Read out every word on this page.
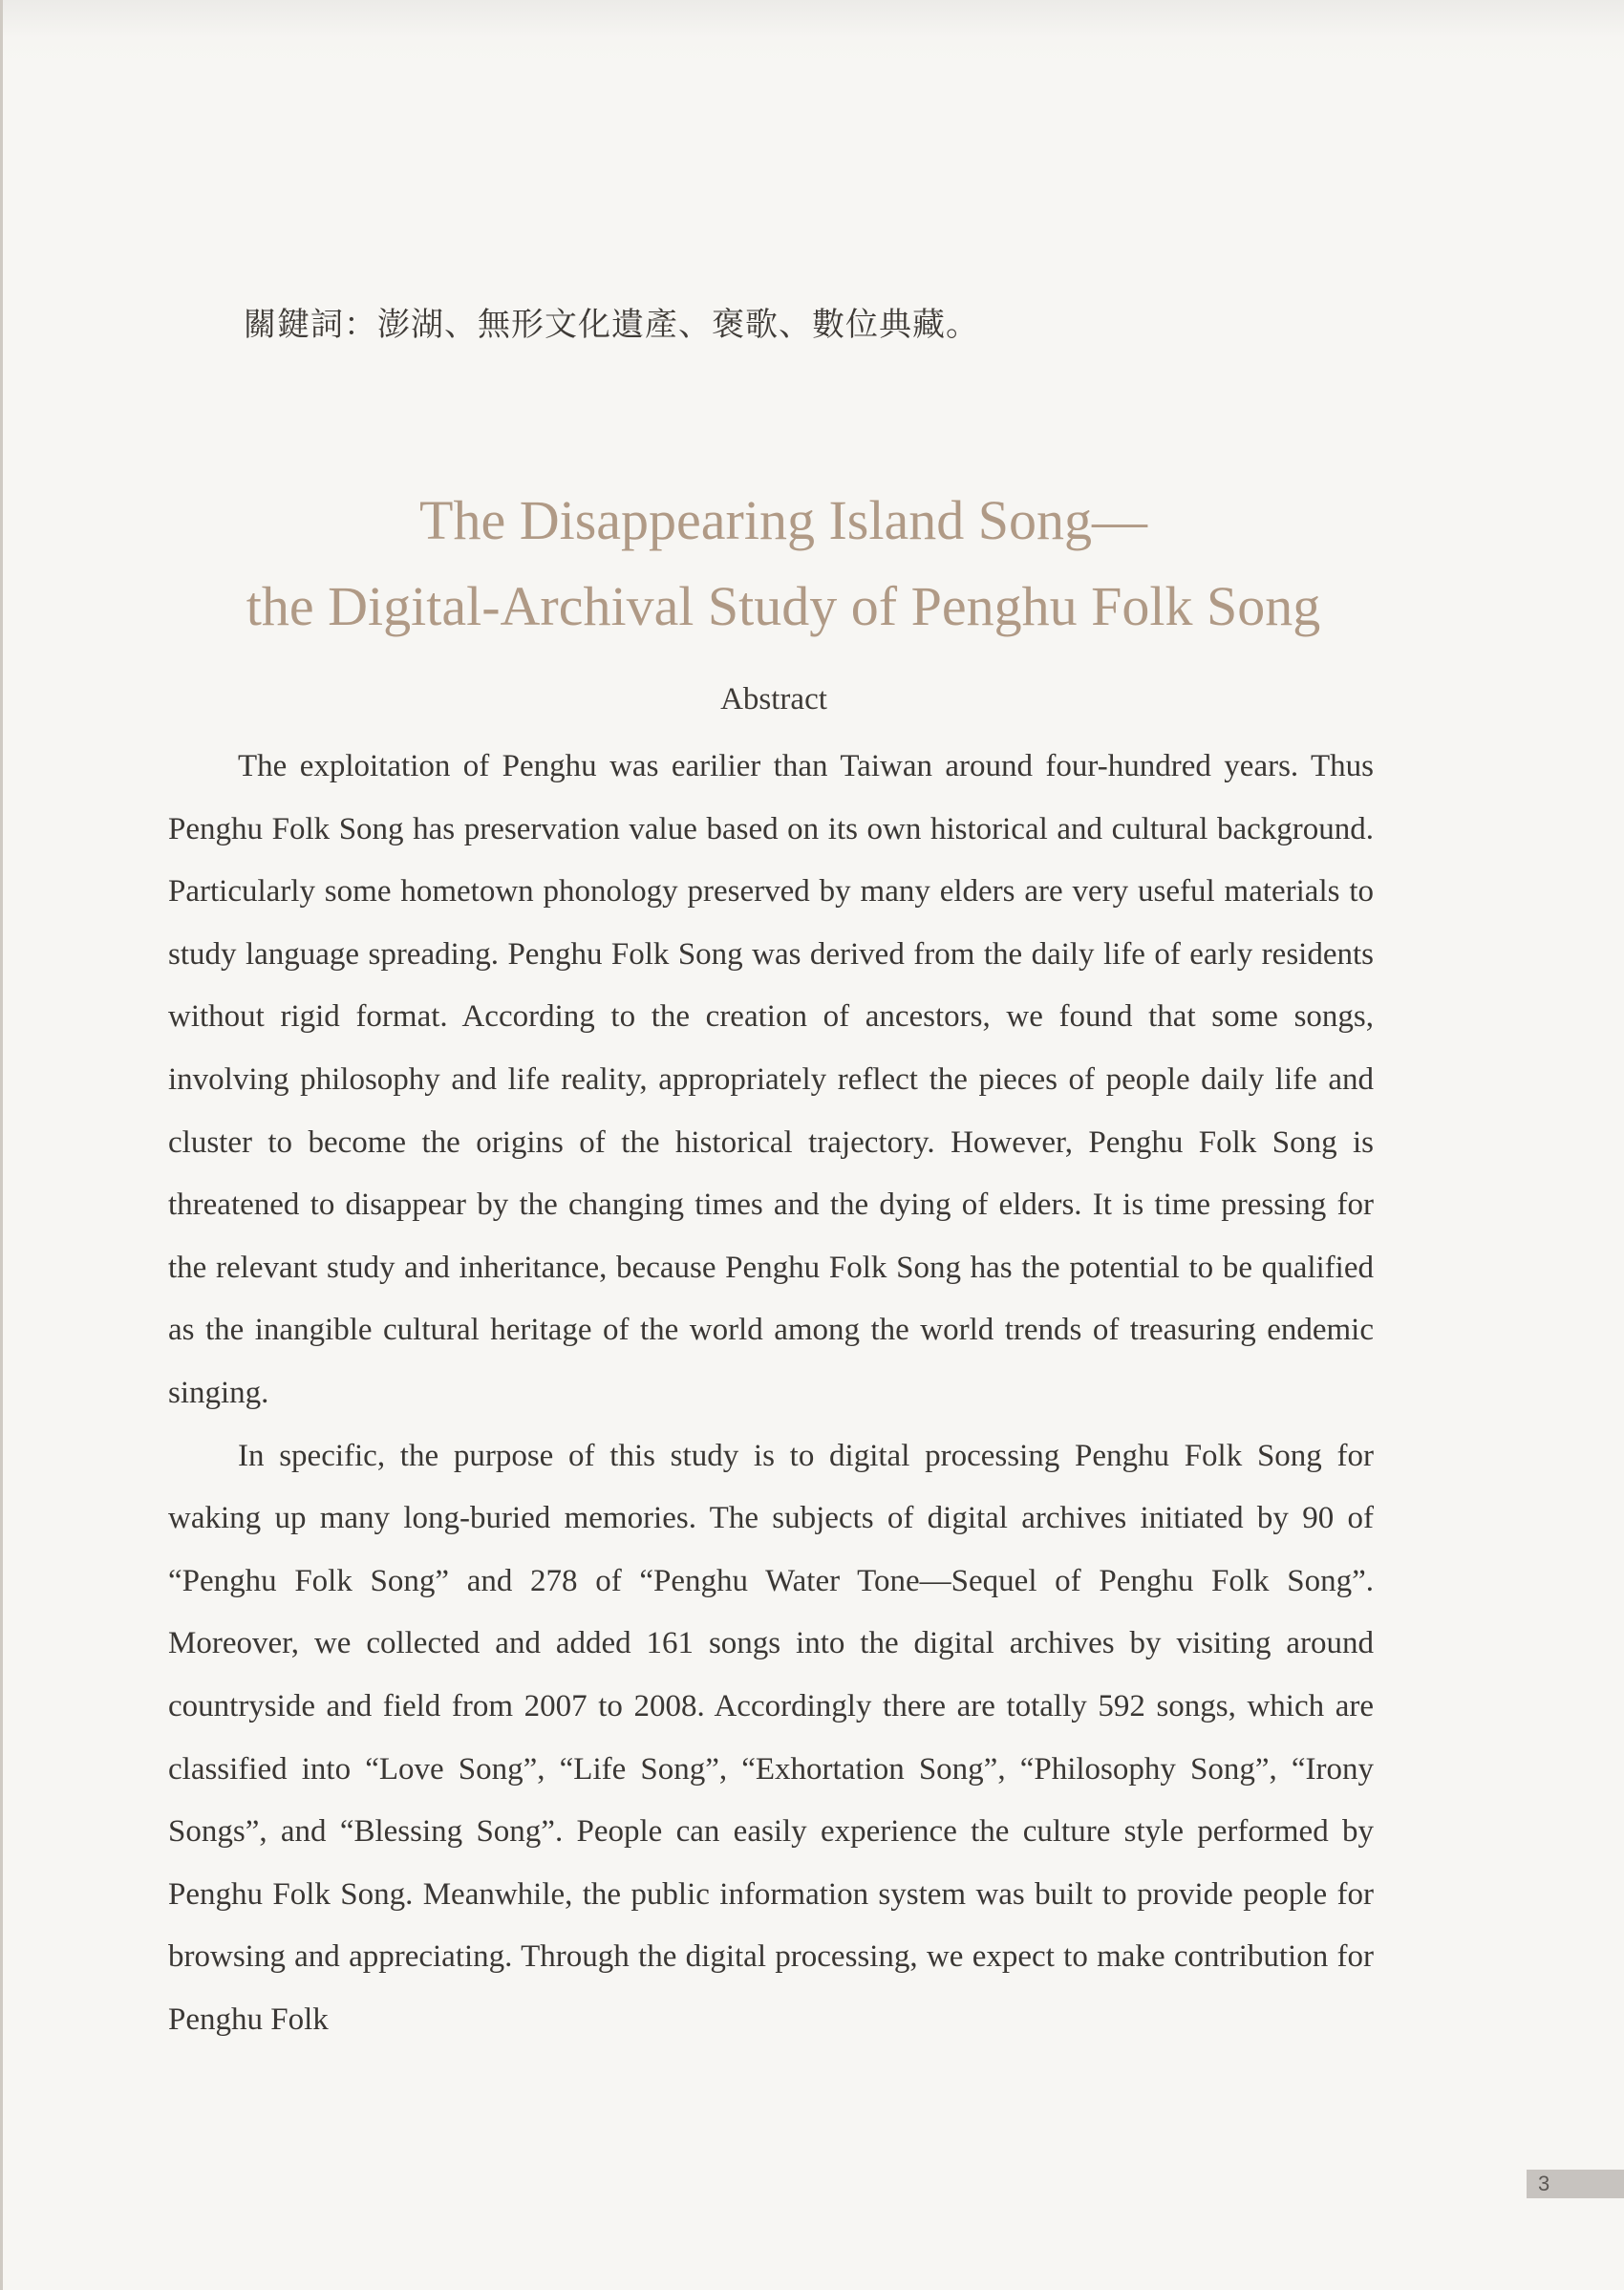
關鍵詞：澎湖、無形文化遺產、褒歌、數位典藏。
The Disappearing Island Song—
the Digital-Archival Study of Penghu Folk Song
Abstract

The exploitation of Penghu was earilier than Taiwan around four-hundred years. Thus Penghu Folk Song has preservation value based on its own historical and cultural background. Particularly some hometown phonology preserved by many elders are very useful materials to study language spreading. Penghu Folk Song was derived from the daily life of early residents without rigid format. According to the creation of ancestors, we found that some songs, involving philosophy and life reality, appropriately reflect the pieces of people daily life and cluster to become the origins of the historical trajectory. However, Penghu Folk Song is threatened to disappear by the changing times and the dying of elders. It is time pressing for the relevant study and inheritance, because Penghu Folk Song has the potential to be qualified as the inangible cultural heritage of the world among the world trends of treasuring endemic singing.

In specific, the purpose of this study is to digital processing Penghu Folk Song for waking up many long-buried memories. The subjects of digital archives initiated by 90 of “Penghu Folk Song” and 278 of “Penghu Water Tone—Sequel of Penghu Folk Song”. Moreover, we collected and added 161 songs into the digital archives by visiting around countryside and field from 2007 to 2008. Accordingly there are totally 592 songs, which are classified into “Love Song”, “Life Song”, “Exhortation Song”, “Philosophy Song”, “Irony Songs”, and “Blessing Song”. People can easily experience the culture style performed by Penghu Folk Song. Meanwhile, the public information system was built to provide people for browsing and appreciating. Through the digital processing, we expect to make contribution for Penghu Folk

3
